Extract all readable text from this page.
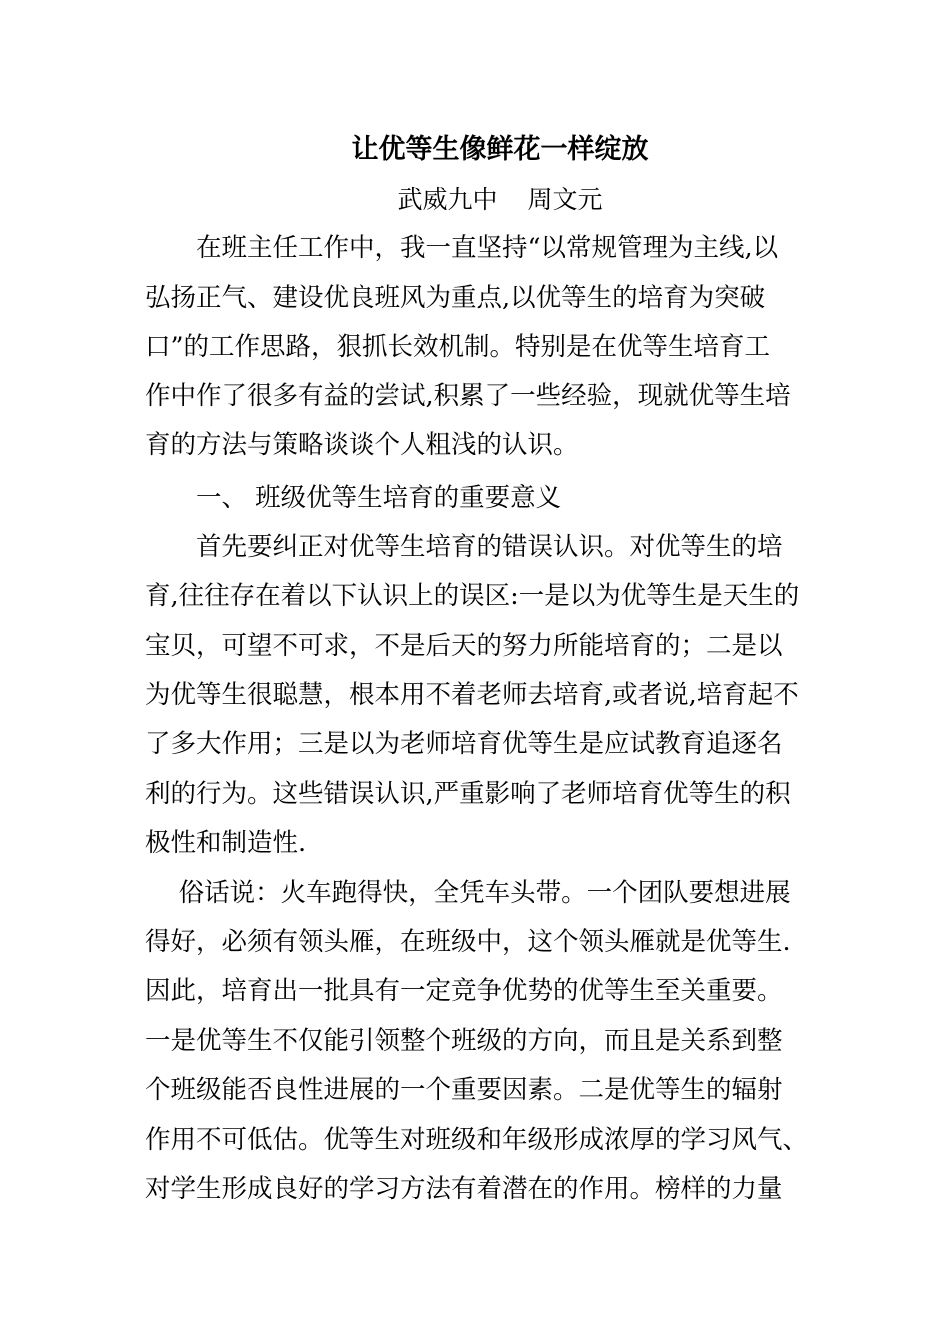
让优等生像鲜花一样绽放
武威九中 周文元
　　在班主任工作中，我一直坚持“以常规管理为主线,以
弘扬正气、建设优良班风为重点,以优等生的培育为突破
口”的工作思路，狠抓长效机制。特别是在优等生培育工
作中作了很多有益的尝试,积累了一些经验，现就优等生培
育的方法与策略谈谈个人粗浅的认识。
　　一、 班级优等生培育的重要意义
　　首先要纠正对优等生培育的错误认识。对优等生的培
育,往往存在着以下认识上的误区:一是以为优等生是天生的
宝贝，可望不可求，不是后天的努力所能培育的；二是以
为优等生很聪慧，根本用不着老师去培育,或者说,培育起不
了多大作用；三是以为老师培育优等生是应试教育追逐名
利的行为。这些错误认识,严重影响了老师培育优等生的积
极性和制造性.
　 俗话说：火车跑得快，全凭车头带。一个团队要想进展
得好，必须有领头雁，在班级中，这个领头雁就是优等生.
因此，培育出一批具有一定竞争优势的优等生至关重要。
一是优等生不仅能引领整个班级的方向，而且是关系到整
个班级能否良性进展的一个重要因素。二是优等生的辐射
作用不可低估。优等生对班级和年级形成浓厚的学习风气、
对学生形成良好的学习方法有着潜在的作用。榜样的力量
